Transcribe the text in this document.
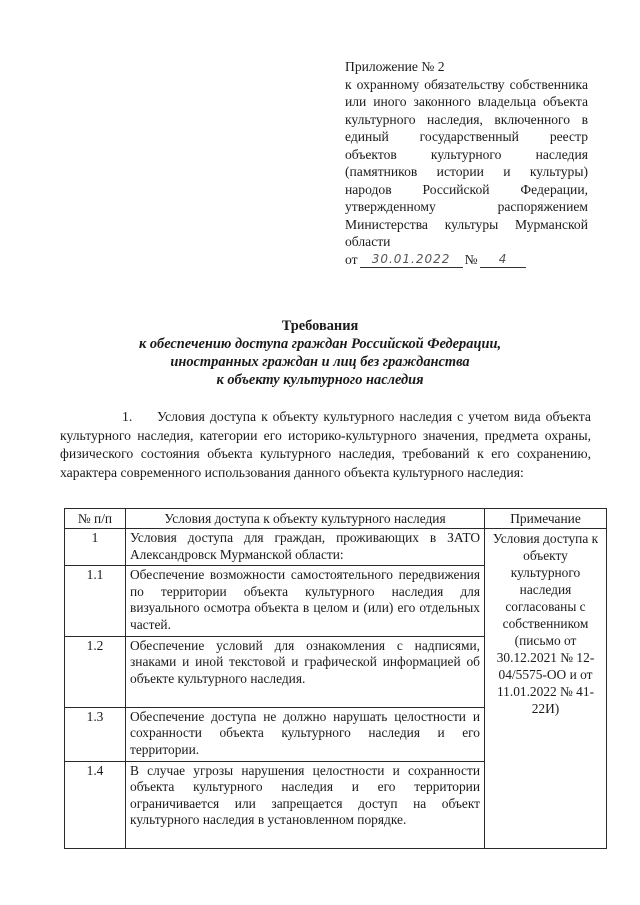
Приложение № 2
к охранному обязательству собственника или иного законного владельца объекта культурного наследия, включенного в единый государственный реестр объектов культурного наследия (памятников истории и культуры) народов Российской Федерации, утвержденному распоряжением Министерства культуры Мурманской области
от	30.01.2022	№	4
Требования
к обеспечению доступа граждан Российской Федерации,
иностранных граждан и лиц без гражданства
к объекту культурного наследия
1. Условия доступа к объекту культурного наследия с учетом вида объекта культурного наследия, категории его историко-культурного значения, предмета охраны, физического состояния объекта культурного наследия, требований к его сохранению, характера современного использования данного объекта культурного наследия:
№ п/п	Условия доступа к объекту культурного наследия	Примечание
1	Условия доступа для граждан, проживающих в ЗАТО Александровск Мурманской области:	Условия доступа к объекту культурного наследия согласованы с собственником (письмо от 30.12.2021 № 12-04/5575-ОО и от 11.01.2022 № 41-22И)
1.1	Обеспечение возможности самостоятельного передвижения по территории объекта культурного наследия для визуального осмотра объекта в целом и (или) его отдельных частей.	
1.2	Обеспечение условий для ознакомления с надписями, знаками и иной текстовой и графической информацией об объекте культурного наследия.	
1.3	Обеспечение доступа не должно нарушать целостности и сохранности объекта культурного наследия и его территории.	
1.4	В случае угрозы нарушения целостности и сохранности объекта культурного наследия и его территории ограничивается или запрещается доступ на объект культурного наследия в установленном порядке.	
